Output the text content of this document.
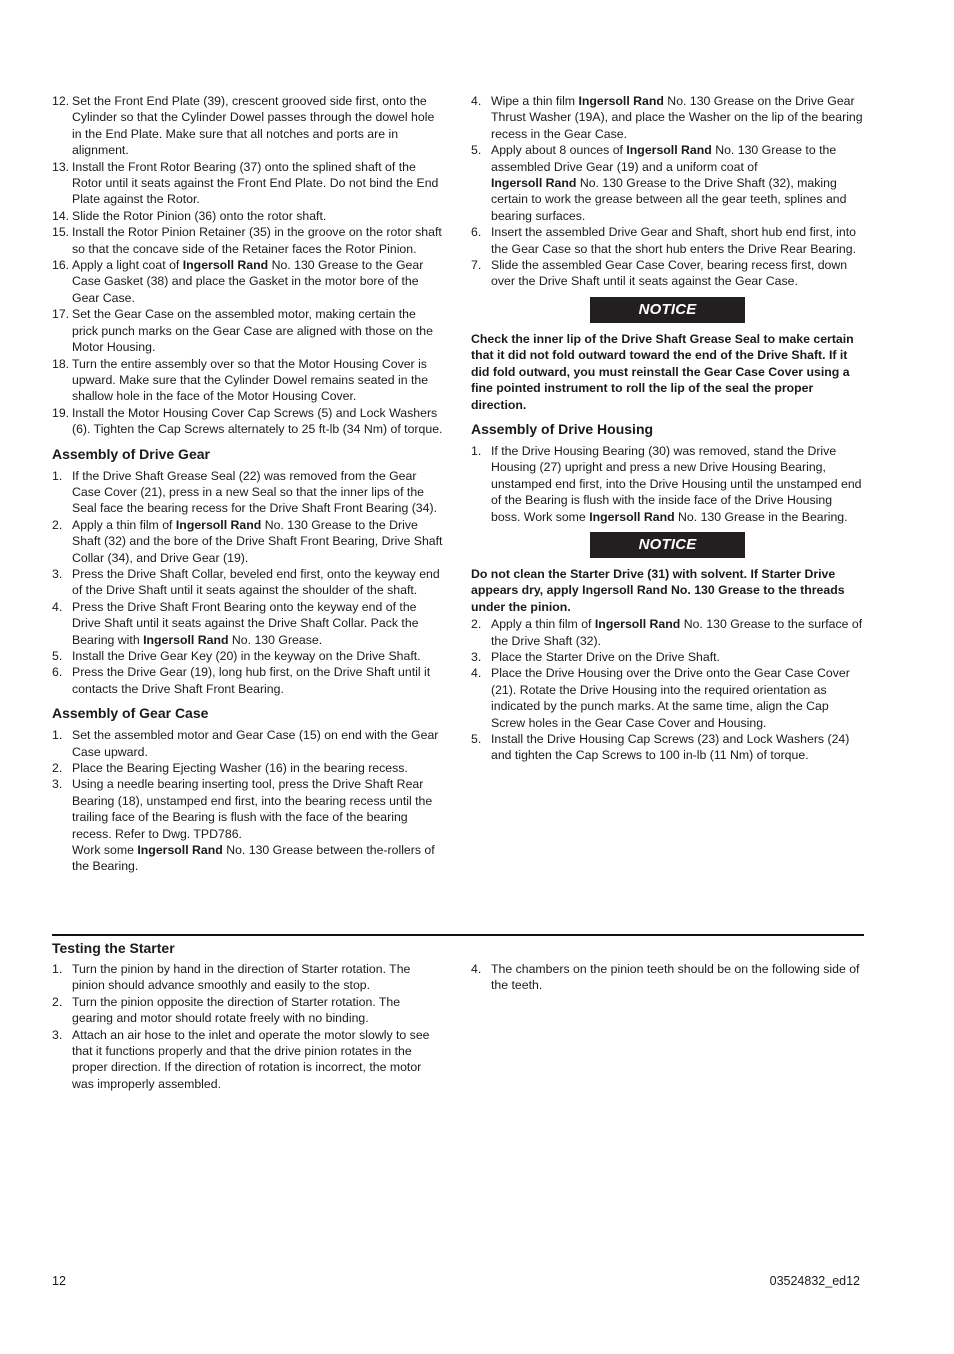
12. Set the Front End Plate (39), crescent grooved side first, onto the Cylinder so that the Cylinder Dowel passes through the dowel hole in the End Plate. Make sure that all notches and ports are in alignment.
13. Install the Front Rotor Bearing (37) onto the splined shaft of the Rotor until it seats against the Front End Plate. Do not bind the End Plate against the Rotor.
14. Slide the Rotor Pinion (36) onto the rotor shaft.
15. Install the Rotor Pinion Retainer (35) in the groove on the rotor shaft so that the concave side of the Retainer faces the Rotor Pinion.
16. Apply a light coat of Ingersoll Rand No. 130 Grease to the Gear Case Gasket (38) and place the Gasket in the motor bore of the Gear Case.
17. Set the Gear Case on the assembled motor, making certain the prick punch marks on the Gear Case are aligned with those on the Motor Housing.
18. Turn the entire assembly over so that the Motor Housing Cover is upward. Make sure that the Cylinder Dowel remains seated in the shallow hole in the face of the Motor Housing Cover.
19. Install the Motor Housing Cover Cap Screws (5) and Lock Washers (6). Tighten the Cap Screws alternately to 25 ft-lb (34 Nm) of torque.
Assembly of Drive Gear
1. If the Drive Shaft Grease Seal (22) was removed from the Gear Case Cover (21), press in a new Seal so that the inner lips of the Seal face the bearing recess for the Drive Shaft Front Bearing (34).
2. Apply a thin film of Ingersoll Rand No. 130 Grease to the Drive Shaft (32) and the bore of the Drive Shaft Front Bearing, Drive Shaft Collar (34), and Drive Gear (19).
3. Press the Drive Shaft Collar, beveled end first, onto the keyway end of the Drive Shaft until it seats against the shoulder of the shaft.
4. Press the Drive Shaft Front Bearing onto the keyway end of the Drive Shaft until it seats against the Drive Shaft Collar. Pack the Bearing with Ingersoll Rand No. 130 Grease.
5. Install the Drive Gear Key (20) in the keyway on the Drive Shaft.
6. Press the Drive Gear (19), long hub first, on the Drive Shaft until it contacts the Drive Shaft Front Bearing.
Assembly of Gear Case
1. Set the assembled motor and Gear Case (15) on end with the Gear Case upward.
2. Place the Bearing Ejecting Washer (16) in the bearing recess.
3. Using a needle bearing inserting tool, press the Drive Shaft Rear Bearing (18), unstamped end first, into the bearing recess until the trailing face of the Bearing is flush with the face of the bearing recess. Refer to Dwg. TPD786.
Work some Ingersoll Rand No. 130 Grease between the-rollers of the Bearing.
4. Wipe a thin film Ingersoll Rand No. 130 Grease on the Drive Gear Thrust Washer (19A), and place the Washer on the lip of the bearing recess in the Gear Case.
5. Apply about 8 ounces of Ingersoll Rand No. 130 Grease to the assembled Drive Gear (19) and a uniform coat of
Ingersoll Rand No. 130 Grease to the Drive Shaft (32), making certain to work the grease between all the gear teeth, splines and bearing surfaces.
6. Insert the assembled Drive Gear and Shaft, short hub end first, into the Gear Case so that the short hub enters the Drive Rear Bearing.
7. Slide the assembled Gear Case Cover, bearing recess first, down over the Drive Shaft until it seats against the Gear Case.
NOTICE
Check the inner lip of the Drive Shaft Grease Seal to make certain that it did not fold outward toward the end of the Drive Shaft. If it did fold outward, you must reinstall the Gear Case Cover using a fine pointed instrument to roll the lip of the seal the proper direction.
Assembly of Drive Housing
1. If the Drive Housing Bearing (30) was removed, stand the Drive Housing (27) upright and press a new Drive Housing Bearing, unstamped end first, into the Drive Housing until the unstamped end of the Bearing is flush with the inside face of the Drive Housing boss. Work some Ingersoll Rand No. 130 Grease in the Bearing.
NOTICE
Do not clean the Starter Drive (31) with solvent. If Starter Drive appears dry, apply Ingersoll Rand No. 130 Grease to the threads under the pinion.
2. Apply a thin film of Ingersoll Rand No. 130 Grease to the surface of the Drive Shaft (32).
3. Place the Starter Drive on the Drive Shaft.
4. Place the Drive Housing over the Drive onto the Gear Case Cover (21). Rotate the Drive Housing into the required orientation as indicated by the punch marks. At the same time, align the Cap Screw holes in the Gear Case Cover and Housing.
5. Install the Drive Housing Cap Screws (23) and Lock Washers (24) and tighten the Cap Screws to 100 in-lb (11 Nm) of torque.
Testing the Starter
1. Turn the pinion by hand in the direction of Starter rotation. The pinion should advance smoothly and easily to the stop.
2. Turn the pinion opposite the direction of Starter rotation. The gearing and motor should rotate freely with no binding.
3. Attach an air hose to the inlet and operate the motor slowly to see that it functions properly and that the drive pinion rotates in the proper direction. If the direction of rotation is incorrect, the motor was improperly assembled.
4. The chambers on the pinion teeth should be on the following side of the teeth.
12	03524832_ed12
